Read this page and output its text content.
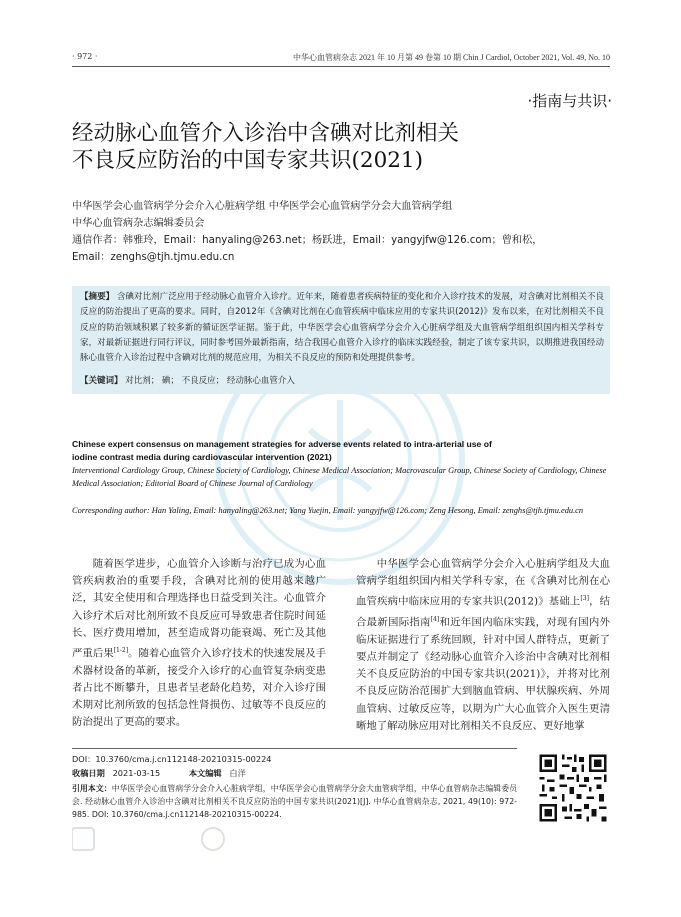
· 972 ·	中华心血管病杂志 2021 年 10 月第 49 卷第 10 期 Chin J Cardiol, October 2021, Vol. 49, No. 10
·指南与共识·
经动脉心血管介入诊治中含碘对比剂相关
不良反应防治的中国专家共识(2021)
中华医学会心血管病学分会介入心脏病学组 中华医学会心血管病学分会大血管病学组
中华心血管病杂志编辑委员会
通信作者：韩雅玲，Email：hanyaling@263.net；杨跃进，Email：yangyjfw@126.com；曾和松，
Email：zenghs@tjh.tjmu.edu.cn
【摘要】 含碘对比剂广泛应用于经动脉心血管介入诊疗。近年来，随着患者疾病特征的变化和介入诊疗技术的发展，对含碘对比剂相关不良反应的防治提出了更高的要求。同时，自2012年《含碘对比剂在心血管疾病中临床应用的专家共识(2012)》发布以来，在对比剂相关不良反应的防治领域积累了较多新的循证医学证据。鉴于此，中华医学会心血管病学分会介入心脏病学组及大血管病学组组织国内相关学科专家，对最新证据进行同行评议，同时参考国外最新指南，结合我国心血管介入诊疗的临床实践经验，制定了该专家共识，以期推进我国经动脉心血管介入诊治过程中含碘对比剂的规范应用，为相关不良反应的预防和处理提供参考。
【关键词】 对比剂； 碘； 不良反应； 经动脉心血管介入
Chinese expert consensus on management strategies for adverse events related to intra-arterial use of iodine contrast media during cardiovascular intervention (2021)
Interventional Cardiology Group, Chinese Society of Cardiology, Chinese Medical Association; Macrovascular Group, Chinese Society of Cardiology, Chinese Medical Association; Editorial Board of Chinese Journal of Cardiology
Corresponding author: Han Yaling, Email: hanyaling@263.net; Yang Yuejin, Email: yangyjfw@126.com; Zeng Hesong, Email: zenghs@tjh.tjmu.edu.cn

随着医学进步，心血管介入诊断与治疗已成为心血管疾病救治的重要手段，含碘对比剂的使用越来越广泛，其安全使用和合理选择也日益受到关注。心血管介入诊疗术后对比剂所致不良反应可导致患者住院时间延长、医疗费用增加，甚至造成肾功能衰竭、死亡及其他严重后果[1-2]。随着心血管介入诊疗技术的快速发展及手术器材设备的革新，接受介入诊疗的心血管复杂病变患者占比不断攀升，且患者呈老龄化趋势，对介入诊疗围术期对比剂所致的包括急性肾损伤、过敏等不良反应的防治提出了更高的要求。

中华医学会心血管病学分会介入心脏病学组及大血管病学组组织国内相关学科专家，在《含碘对比剂在心血管疾病中临床应用的专家共识(2012)》基础上[3]，结合最新国际指南[4]和近年国内临床实践，对现有国内外临床证据进行了系统回顾，针对中国人群特点，更新了要点并制定了《经动脉心血管介入诊治中含碘对比剂相关不良反应防治的中国专家共识(2021)》，并将对比剂不良反应防治范围扩大到脑血管病、甲状腺疾病、外周血管病、过敏反应等，以期为广大心血管介入医生更清晰地了解动脉应用对比剂相关不良反应、更好地掌

DOI：10.3760/cma.j.cn112148-20210315-00224
收稿日期 2021-03-15	本文编辑 白洋
引用本文：中华医学会心血管病学分会介入心脏病学组，中华医学会心血管病学分会大血管病学组，中华心血管病杂志编辑委员会. 经动脉心血管介入诊治中含碘对比剂相关不良反应防治的中国专家共识(2021)[J]. 中华心血管病杂志, 2021, 49(10): 972-985. DOI: 10.3760/cma.j.cn112148-20210315-00224.
